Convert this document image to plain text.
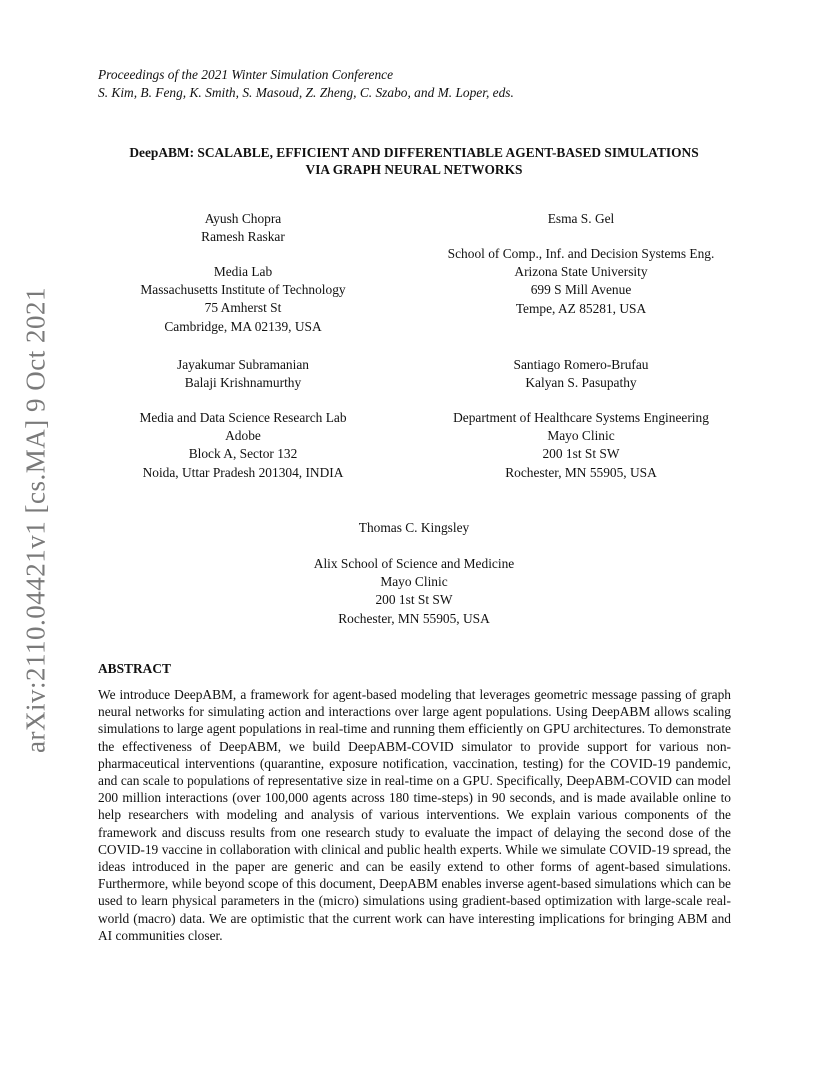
arXiv:2110.04421v1 [cs.MA] 9 Oct 2021
Proceedings of the 2021 Winter Simulation Conference
S. Kim, B. Feng, K. Smith, S. Masoud, Z. Zheng, C. Szabo, and M. Loper, eds.
DeepABM: SCALABLE, EFFICIENT AND DIFFERENTIABLE AGENT-BASED SIMULATIONS
VIA GRAPH NEURAL NETWORKS
Ayush Chopra
Ramesh Raskar
Media Lab
Massachusetts Institute of Technology
75 Amherst St
Cambridge, MA 02139, USA
Esma S. Gel
School of Comp., Inf. and Decision Systems Eng.
Arizona State University
699 S Mill Avenue
Tempe, AZ 85281, USA
Jayakumar Subramanian
Balaji Krishnamurthy
Media and Data Science Research Lab
Adobe
Block A, Sector 132
Noida, Uttar Pradesh 201304, INDIA
Santiago Romero-Brufau
Kalyan S. Pasupathy
Department of Healthcare Systems Engineering
Mayo Clinic
200 1st St SW
Rochester, MN 55905, USA
Thomas C. Kingsley
Alix School of Science and Medicine
Mayo Clinic
200 1st St SW
Rochester, MN 55905, USA
ABSTRACT
We introduce DeepABM, a framework for agent-based modeling that leverages geometric message passing of graph neural networks for simulating action and interactions over large agent populations. Using DeepABM allows scaling simulations to large agent populations in real-time and running them efficiently on GPU architectures. To demonstrate the effectiveness of DeepABM, we build DeepABM-COVID simulator to provide support for various non-pharmaceutical interventions (quarantine, exposure notification, vaccination, testing) for the COVID-19 pandemic, and can scale to populations of representative size in real-time on a GPU. Specifically, DeepABM-COVID can model 200 million interactions (over 100,000 agents across 180 time-steps) in 90 seconds, and is made available online to help researchers with modeling and analysis of various interventions. We explain various components of the framework and discuss results from one research study to evaluate the impact of delaying the second dose of the COVID-19 vaccine in collaboration with clinical and public health experts. While we simulate COVID-19 spread, the ideas introduced in the paper are generic and can be easily extend to other forms of agent-based simulations. Furthermore, while beyond scope of this document, DeepABM enables inverse agent-based simulations which can be used to learn physical parameters in the (micro) simulations using gradient-based optimization with large-scale real-world (macro) data. We are optimistic that the current work can have interesting implications for bringing ABM and AI communities closer.
